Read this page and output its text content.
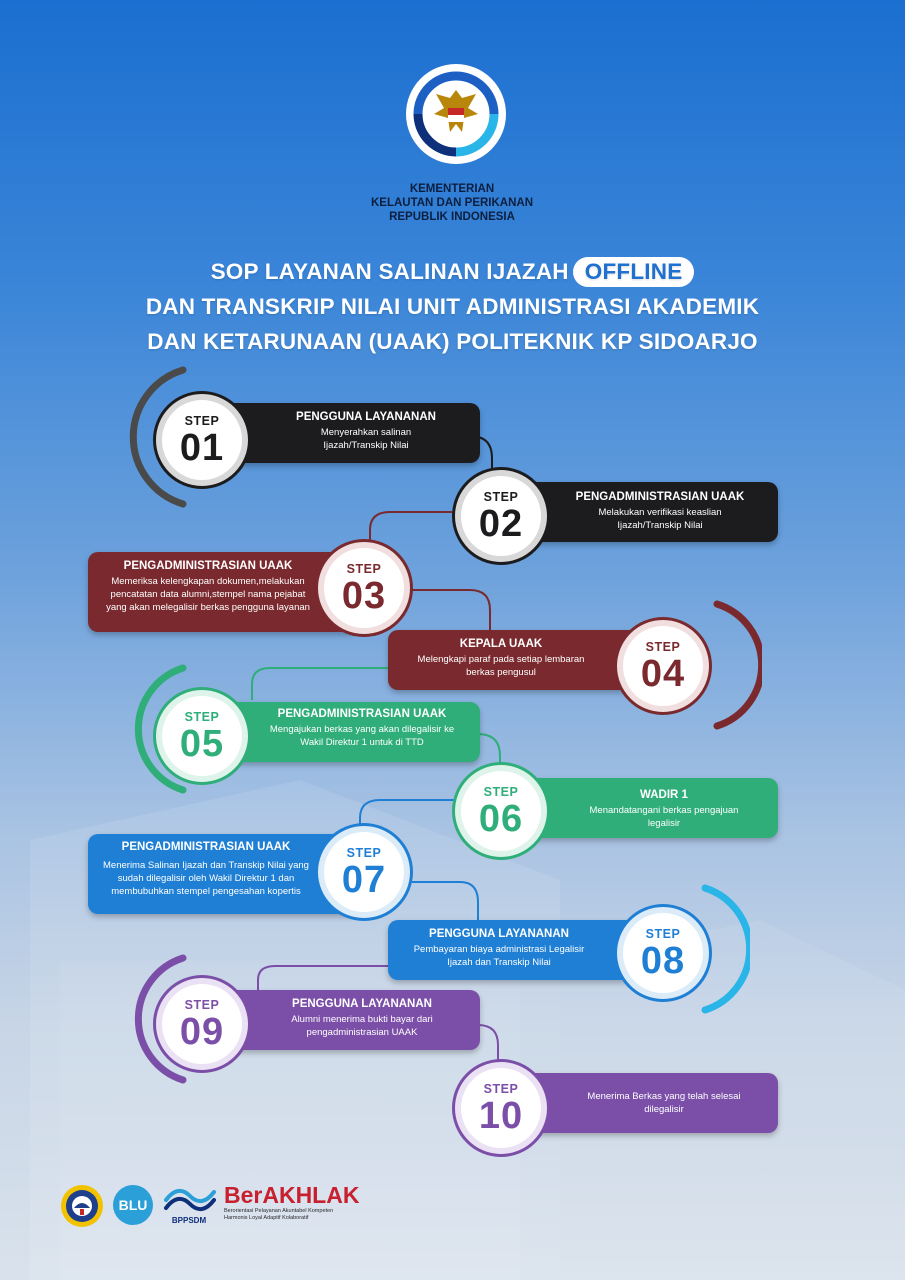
KEMENTERIAN
KELAUTAN DAN PERIKANAN
REPUBLIK INDONESIA
SOP LAYANAN SALINAN IJAZAH OFFLINE
DAN TRANSKRIP NILAI UNIT ADMINISTRASI AKADEMIK
DAN KETARUNAAN (UAAK) POLITEKNIK KP SIDOARJO
PENGGUNA LAYANANAN
Menyerahkan salinan Ijazah/Transkip Nilai
STEP
01
PENGADMINISTRASIAN UAAK
Melakukan verifikasi keaslian Ijazah/Transkip Nilai
STEP
02
PENGADMINISTRASIAN UAAK
Memeriksa kelengkapan dokumen,melakukan pencatatan data alumni,stempel nama pejabat yang akan melegalisir berkas pengguna layanan
STEP
03
KEPALA UAAK
Melengkapi paraf pada setiap lembaran berkas pengusul
STEP
04
PENGADMINISTRASIAN UAAK
Mengajukan berkas yang akan dilegalisir ke Wakil Direktur 1 untuk di TTD
STEP
05
WADIR 1
Menandatangani berkas pengajuan legalisir
STEP
06
PENGADMINISTRASIAN UAAK
Menerima Salinan Ijazah dan Transkip Nilai yang sudah dilegalisir oleh Wakil Direktur 1 dan membubuhkan stempel pengesahan kopertis
STEP
07
PENGGUNA LAYANANAN
Pembayaran biaya administrasi Legalisir Ijazah dan Transkip Nilai
STEP
08
PENGGUNA LAYANANAN
Alumni menerima bukti bayar dari pengadministrasian UAAK
STEP
09
Menerima Berkas yang telah selesai dilegalisir
STEP
10
BLU
BPPSDM
BerAKHLAK
Berorientasi Pelayanan Akuntabel Kompeten
Harmonis Loyal Adaptif Kolaboratif
